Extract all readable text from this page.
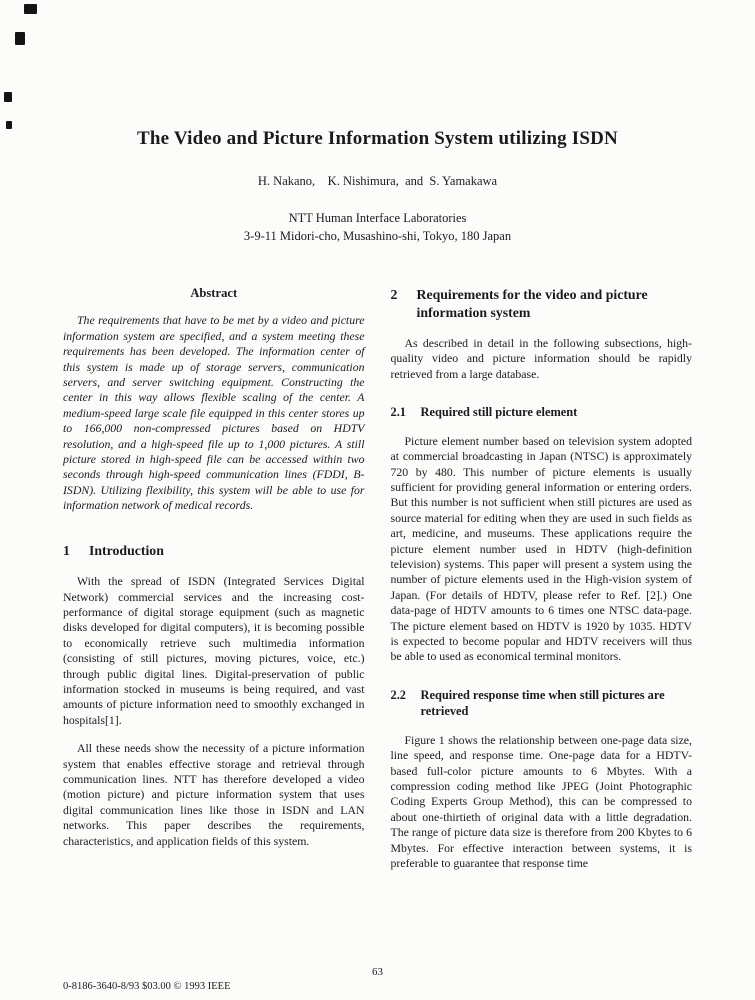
The Video and Picture Information System utilizing ISDN
H. Nakano,    K. Nishimura,  and  S. Yamakawa
NTT Human Interface Laboratories
3-9-11 Midori-cho, Musashino-shi, Tokyo, 180 Japan
Abstract

The requirements that have to be met by a video and picture information system are specified, and a system meeting these requirements has been developed. The information center of this system is made up of storage servers, communication servers, and server switching equipment. Constructing the center in this way allows flexible scaling of the center. A medium-speed large scale file equipped in this center stores up to 166,000 non-compressed pictures based on HDTV resolution, and a high-speed file up to 1,000 pictures. A still picture stored in high-speed file can be accessed within two seconds through high-speed communication lines (FDDI, B-ISDN). Utilizing flexibility, this system will be able to use for information network of medical records.

1 Introduction

With the spread of ISDN (Integrated Services Digital Network) commercial services and the increasing cost-performance of digital storage equipment (such as magnetic disks developed for digital computers), it is becoming possible to economically retrieve such multimedia information (consisting of still pictures, moving pictures, voice, etc.) through public digital lines. Digital-preservation of public information stocked in museums is being required, and vast amounts of picture information need to smoothly exchanged in hospitals[1].

All these needs show the necessity of a picture information system that enables effective storage and retrieval through communication lines. NTT has therefore developed a video (motion picture) and picture information system that uses digital communication lines like those in ISDN and LAN networks. This paper describes the requirements, characteristics, and application fields of this system.

2 Requirements for the video and picture information system

As described in detail in the following subsections, high-quality video and picture information should be rapidly retrieved from a large database.

2.1 Required still picture element

Picture element number based on television system adopted at commercial broadcasting in Japan (NTSC) is approximately 720 by 480. This number of picture elements is usually sufficient for providing general information or entering orders. But this number is not sufficient when still pictures are used as source material for editing when they are used in such fields as art, medicine, and museums. These applications require the picture element number used in HDTV (high-definition television) systems. This paper will present a system using the number of picture elements used in the High-vision system of Japan. (For details of HDTV, please refer to Ref. [2].) One data-page of HDTV amounts to 6 times one NTSC data-page. The picture element based on HDTV is 1920 by 1035. HDTV is expected to become popular and HDTV receivers will thus be able to used as economical terminal monitors.

2.2 Required response time when still pictures are retrieved

Figure 1 shows the relationship between one-page data size, line speed, and response time. One-page data for a HDTV-based full-color picture amounts to 6 Mbytes. With a compression coding method like JPEG (Joint Photographic Coding Experts Group Method), this can be compressed to about one-thirtieth of original data with a little degradation. The range of picture data size is therefore from 200 Kbytes to 6 Mbytes. For effective interaction between systems, it is preferable to guarantee that response time

63
0-8186-3640-8/93 $03.00 © 1993 IEEE
